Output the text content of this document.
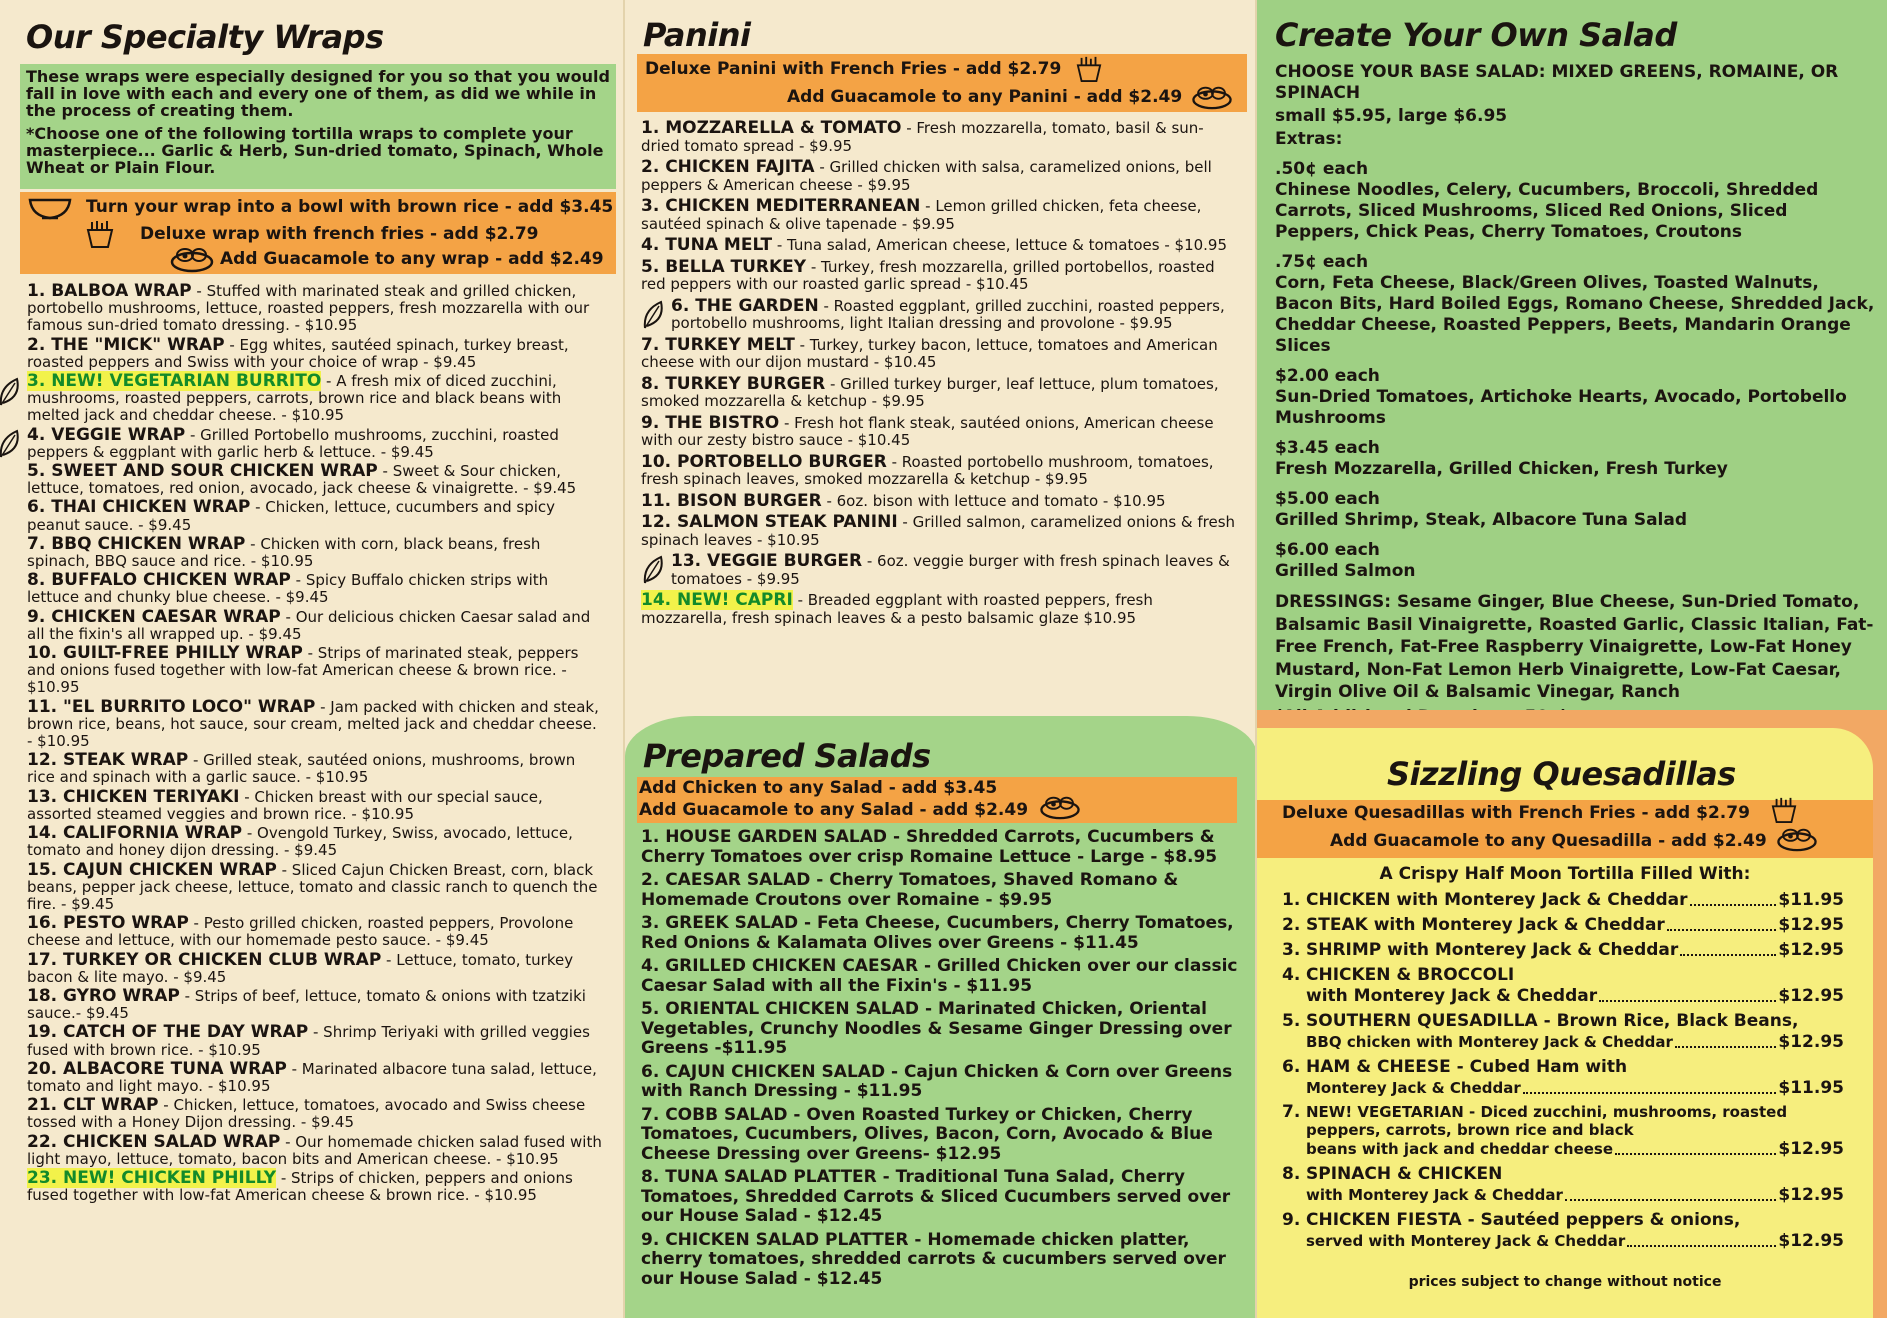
Our Specialty Wraps
These wraps were especially designed for you so that you would fall in love with each and every one of them, as did we while in the process of creating them.
*Choose one of the following tortilla wraps to complete your masterpiece... Garlic & Herb, Sun-dried tomato, Spinach, Whole Wheat or Plain Flour.
Turn your wrap into a bowl with brown rice - add $3.45
Deluxe wrap with french fries - add $2.79
Add Guacamole to any wrap - add $2.49
1. BALBOA WRAP - Stuffed with marinated steak and grilled chicken, portobello mushrooms, lettuce, roasted peppers, fresh mozzarella with our famous sun-dried tomato dressing. - $10.95
2. THE "MICK" WRAP - Egg whites, sautéed spinach, turkey breast, roasted peppers and Swiss with your choice of wrap - $9.45
3. NEW! VEGETARIAN BURRITO - A fresh mix of diced zucchini, mushrooms, roasted peppers, carrots, brown rice and black beans with melted jack and cheddar cheese. - $10.95
4. VEGGIE WRAP - Grilled Portobello mushrooms, zucchini, roasted peppers & eggplant with garlic herb & lettuce. - $9.45
5. SWEET AND SOUR CHICKEN WRAP - Sweet & Sour chicken, lettuce, tomatoes, red onion, avocado, jack cheese & vinaigrette. - $9.45
6. THAI CHICKEN WRAP - Chicken, lettuce, cucumbers and spicy peanut sauce. - $9.45
7. BBQ CHICKEN WRAP - Chicken with corn, black beans, fresh spinach, BBQ sauce and rice. - $10.95
8. BUFFALO CHICKEN WRAP - Spicy Buffalo chicken strips with lettuce and chunky blue cheese. - $9.45
9. CHICKEN CAESAR WRAP - Our delicious chicken Caesar salad and all the fixin's all wrapped up. - $9.45
10. GUILT-FREE PHILLY WRAP - Strips of marinated steak, peppers and onions fused together with low-fat American cheese & brown rice. - $10.95
11. "EL BURRITO LOCO" WRAP - Jam packed with chicken and steak, brown rice, beans, hot sauce, sour cream, melted jack and cheddar cheese. - $10.95
12. STEAK WRAP - Grilled steak, sautéed onions, mushrooms, brown rice and spinach with a garlic sauce. - $10.95
13. CHICKEN TERIYAKI - Chicken breast with our special sauce, assorted steamed veggies and brown rice. - $10.95
14. CALIFORNIA WRAP - Ovengold Turkey, Swiss, avocado, lettuce, tomato and honey dijon dressing. - $9.45
15. CAJUN CHICKEN WRAP - Sliced Cajun Chicken Breast, corn, black beans, pepper jack cheese, lettuce, tomato and classic ranch to quench the fire. - $9.45
16. PESTO WRAP - Pesto grilled chicken, roasted peppers, Provolone cheese and lettuce, with our homemade pesto sauce. - $9.45
17. TURKEY OR CHICKEN CLUB WRAP - Lettuce, tomato, turkey bacon & lite mayo. - $9.45
18. GYRO WRAP - Strips of beef, lettuce, tomato & onions with tzatziki sauce.- $9.45
19. CATCH OF THE DAY WRAP - Shrimp Teriyaki with grilled veggies fused with brown rice. - $10.95
20. ALBACORE TUNA WRAP - Marinated albacore tuna salad, lettuce, tomato and light mayo. - $10.95
21. CLT WRAP - Chicken, lettuce, tomatoes, avocado and Swiss cheese tossed with a Honey Dijon dressing. - $9.45
22. CHICKEN SALAD WRAP - Our homemade chicken salad fused with light mayo, lettuce, tomato, bacon bits and American cheese. - $10.95
23. NEW! CHICKEN PHILLY - Strips of chicken, peppers and onions fused together with low-fat American cheese & brown rice. - $10.95
Panini
Deluxe Panini with French Fries - add $2.79
Add Guacamole to any Panini - add $2.49
1. MOZZARELLA & TOMATO - Fresh mozzarella, tomato, basil & sun-dried tomato spread - $9.95
2. CHICKEN FAJITA - Grilled chicken with salsa, caramelized onions, bell peppers & American cheese - $9.95
3. CHICKEN MEDITERRANEAN - Lemon grilled chicken, feta cheese, sautéed spinach & olive tapenade - $9.95
4. TUNA MELT - Tuna salad, American cheese, lettuce & tomatoes - $10.95
5. BELLA TURKEY - Turkey, fresh mozzarella, grilled portobellos, roasted red peppers with our roasted garlic spread - $10.45
6. THE GARDEN - Roasted eggplant, grilled zucchini, roasted peppers, portobello mushrooms, light Italian dressing and provolone - $9.95
7. TURKEY MELT - Turkey, turkey bacon, lettuce, tomatoes and American cheese with our dijon mustard - $10.45
8. TURKEY BURGER - Grilled turkey burger, leaf lettuce, plum tomatoes, smoked mozzarella & ketchup - $9.95
9. THE BISTRO - Fresh hot flank steak, sautéed onions, American cheese with our zesty bistro sauce - $10.45
10. PORTOBELLO BURGER - Roasted portobello mushroom, tomatoes, fresh spinach leaves, smoked mozzarella & ketchup - $9.95
11. BISON BURGER - 6oz. bison with lettuce and tomato - $10.95
12. SALMON STEAK PANINI - Grilled salmon, caramelized onions & fresh spinach leaves - $10.95
13. VEGGIE BURGER - 6oz. veggie burger with fresh spinach leaves & tomatoes - $9.95
14. NEW! CAPRI - Breaded eggplant with roasted peppers, fresh mozzarella, fresh spinach leaves & a pesto balsamic glaze $10.95
Prepared Salads
Add Chicken to any Salad - add $3.45
Add Guacamole to any Salad - add $2.49
1. HOUSE GARDEN SALAD - Shredded Carrots, Cucumbers & Cherry Tomatoes over crisp Romaine Lettuce - Large - $8.95
2. CAESAR SALAD - Cherry Tomatoes, Shaved Romano & Homemade Croutons over Romaine - $9.95
3. GREEK SALAD - Feta Cheese, Cucumbers, Cherry Tomatoes, Red Onions & Kalamata Olives over Greens - $11.45
4. GRILLED CHICKEN CAESAR - Grilled Chicken over our classic Caesar Salad with all the Fixin's - $11.95
5. ORIENTAL CHICKEN SALAD - Marinated Chicken, Oriental Vegetables, Crunchy Noodles & Sesame Ginger Dressing over Greens -$11.95
6. CAJUN CHICKEN SALAD - Cajun Chicken & Corn over Greens with Ranch Dressing - $11.95
7. COBB SALAD - Oven Roasted Turkey or Chicken, Cherry Tomatoes, Cucumbers, Olives, Bacon, Corn, Avocado & Blue Cheese Dressing over Greens- $12.95
8. TUNA SALAD PLATTER - Traditional Tuna Salad, Cherry Tomatoes, Shredded Carrots & Sliced Cucumbers served over our House Salad - $12.45
9. CHICKEN SALAD PLATTER - Homemade chicken platter, cherry tomatoes, shredded carrots & cucumbers served over our House Salad - $12.45
Create Your Own Salad
CHOOSE YOUR BASE SALAD: MIXED GREENS, ROMAINE, OR SPINACH
small $5.95, large $6.95
Extras:
.50¢ each
Chinese Noodles, Celery, Cucumbers, Broccoli, Shredded Carrots, Sliced Mushrooms, Sliced Red Onions, Sliced Peppers, Chick Peas, Cherry Tomatoes, Croutons
.75¢ each
Corn, Feta Cheese, Black/Green Olives, Toasted Walnuts, Bacon Bits, Hard Boiled Eggs, Romano Cheese, Shredded Jack, Cheddar Cheese, Roasted Peppers, Beets, Mandarin Orange Slices
$2.00 each
Sun-Dried Tomatoes, Artichoke Hearts, Avocado, Portobello Mushrooms
$3.45 each
Fresh Mozzarella, Grilled Chicken, Fresh Turkey
$5.00 each
Grilled Shrimp, Steak, Albacore Tuna Salad
$6.00 each
Grilled Salmon
DRESSINGS: Sesame Ginger, Blue Cheese, Sun-Dried Tomato, Balsamic Basil Vinaigrette, Roasted Garlic, Classic Italian, Fat-Free French, Fat-Free Raspberry Vinaigrette, Low-Fat Honey Mustard, Non-Fat Lemon Herb Vinaigrette, Low-Fat Caesar, Virgin Olive Oil & Balsamic Vinegar, Ranch
Sizzling Quesadillas
Deluxe Quesadillas with French Fries - add $2.79
Add Guacamole to any Quesadilla - add $2.49
A Crispy Half Moon Tortilla Filled With:
1. CHICKEN with Monterey Jack & Cheddar	$11.95
2. STEAK with Monterey Jack & Cheddar	$12.95
3. SHRIMP with Monterey Jack & Cheddar	$12.95
4. CHICKEN & BROCCOLI
with Monterey Jack & Cheddar	$12.95
5. SOUTHERN QUESADILLA - Brown Rice, Black Beans,
BBQ chicken with Monterey Jack & Cheddar	$12.95
6. HAM & CHEESE - Cubed Ham with
Monterey Jack & Cheddar	$11.95
7. NEW! VEGETARIAN - Diced zucchini, mushrooms, roasted peppers, carrots, brown rice and black
beans with jack and cheddar cheese	$12.95
8. SPINACH & CHICKEN
with Monterey Jack & Cheddar	$12.95
9. CHICKEN FIESTA - Sautéed peppers & onions,
served with Monterey Jack & Cheddar	$12.95
prices subject to change without notice
